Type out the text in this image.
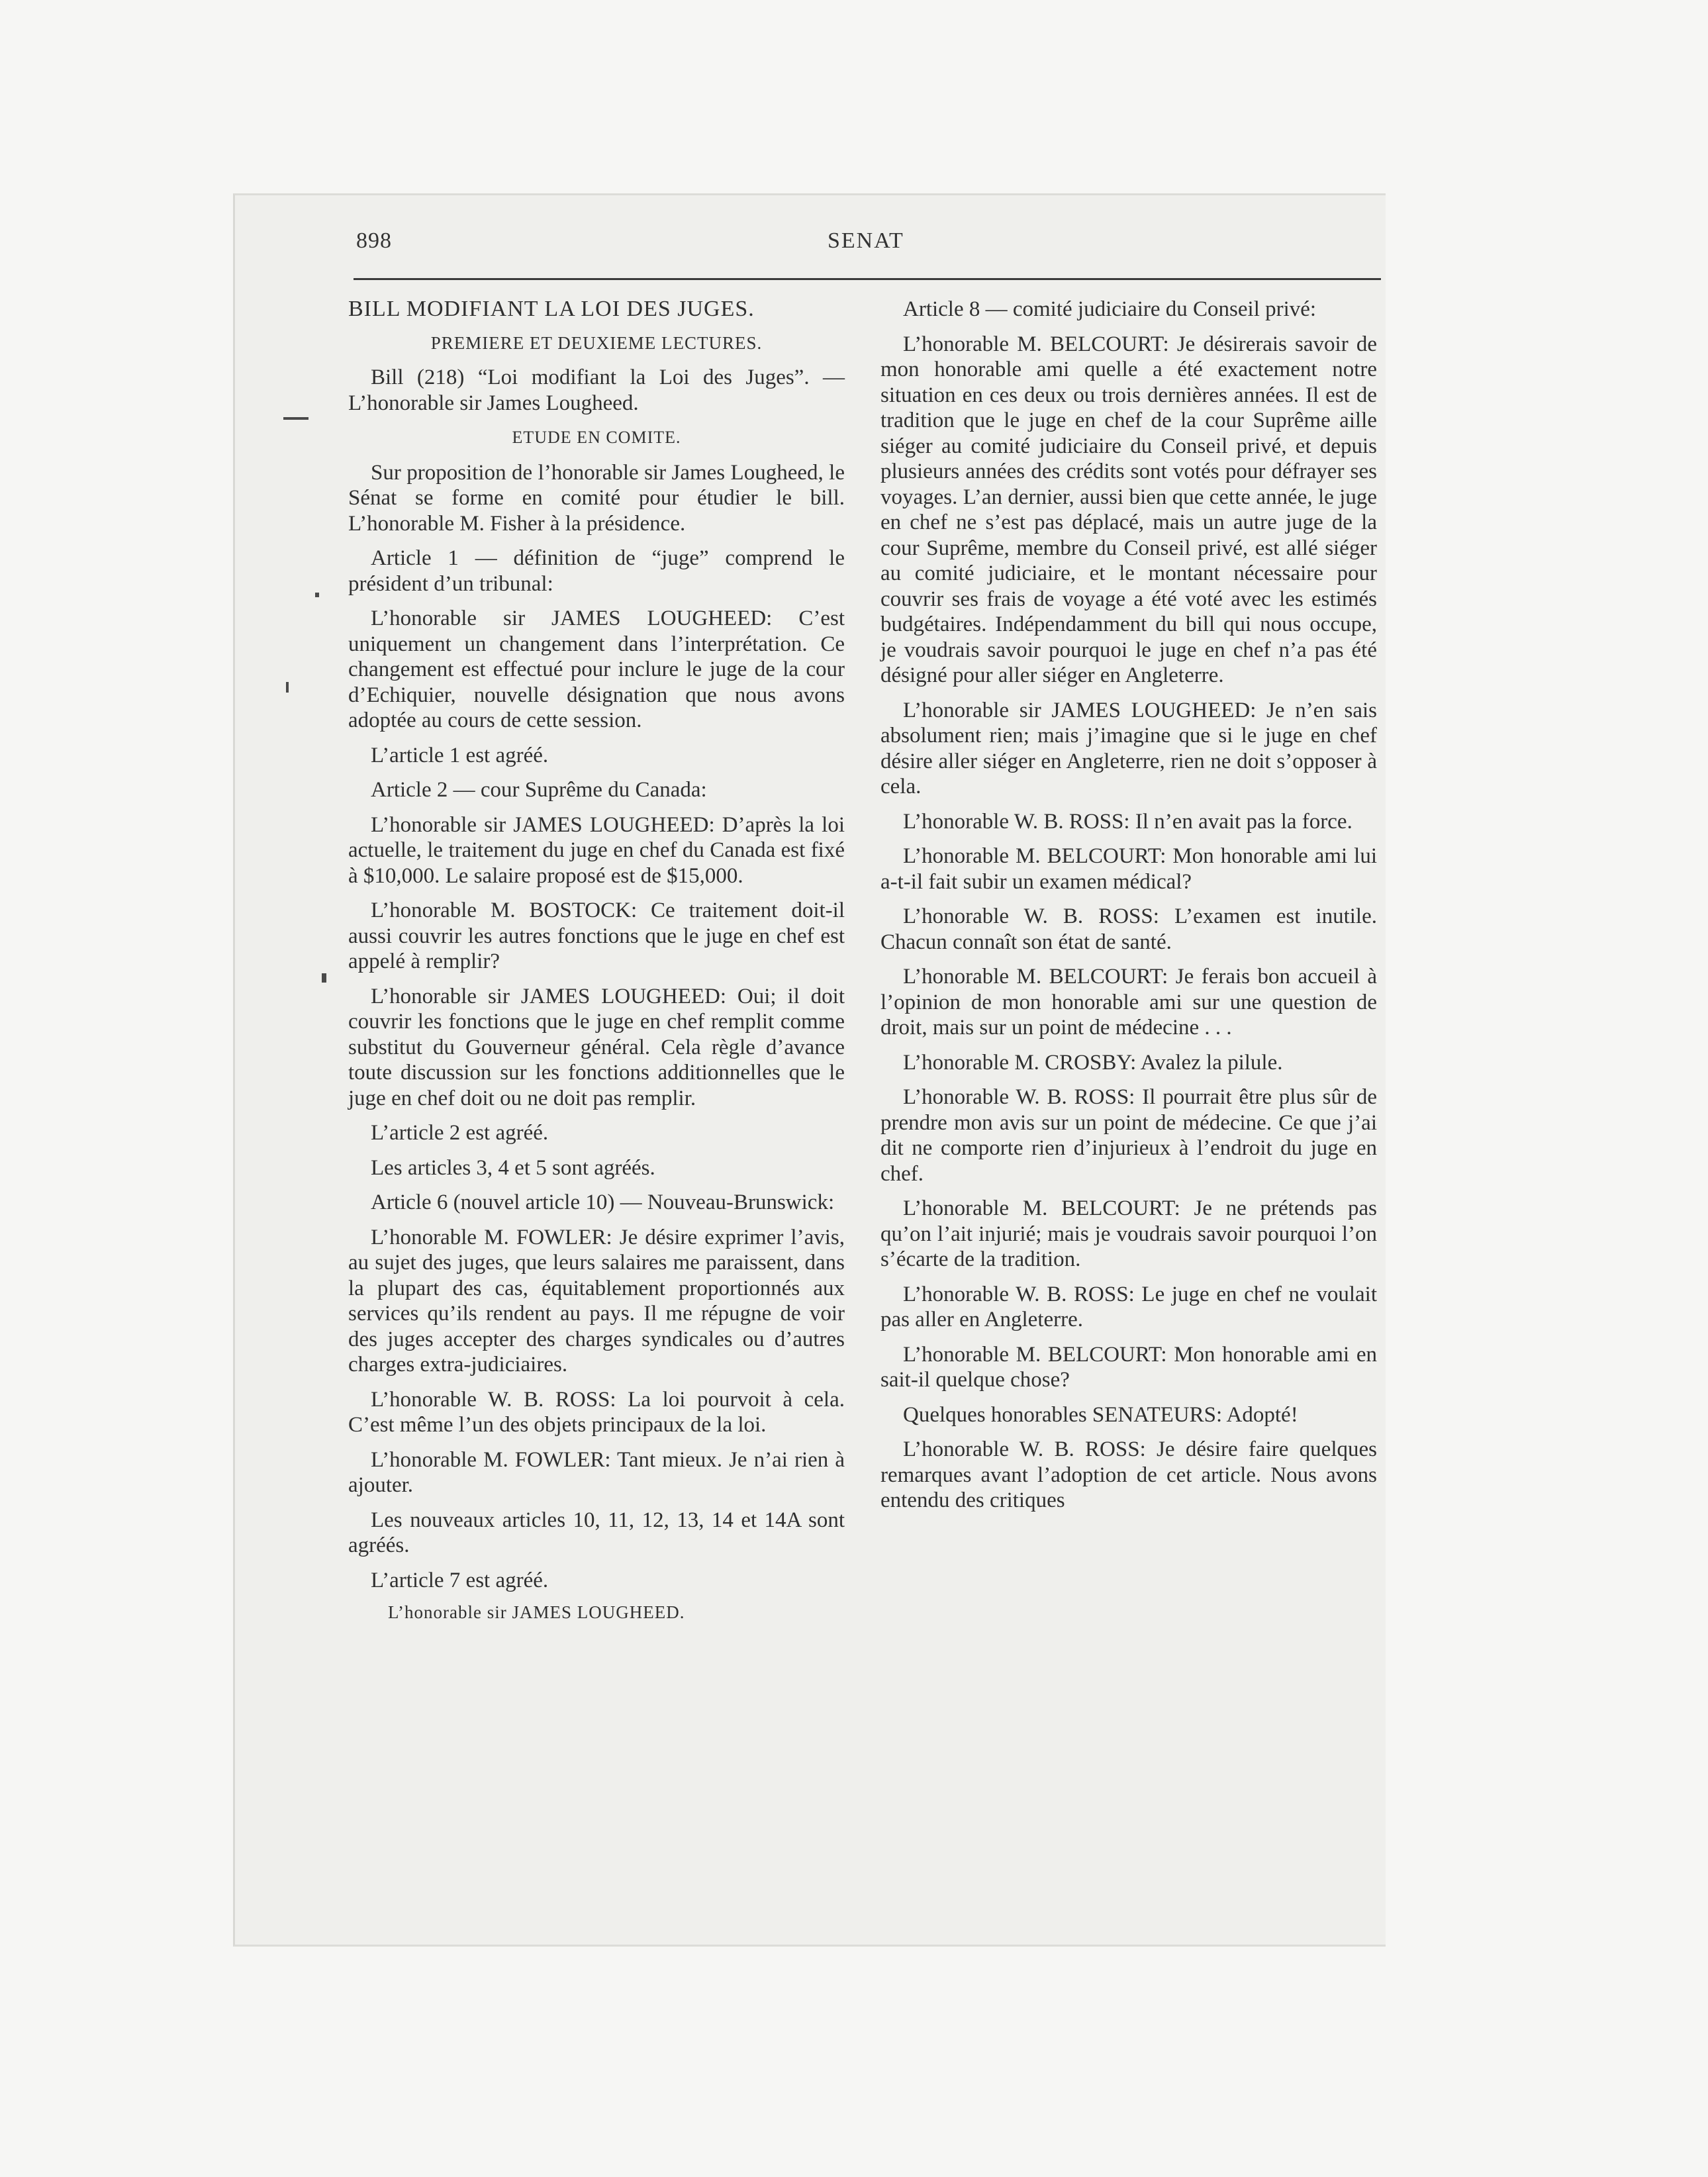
898	SENAT

BILL MODIFIANT LA LOI DES JUGES.

PREMIERE ET DEUXIEME LECTURES.

Bill (218) “Loi modifiant la Loi des Juges”. — L’honorable sir James Lougheed.

ETUDE EN COMITE.

Sur proposition de l’honorable sir James Lougheed, le Sénat se forme en comité pour étudier le bill. L’honorable M. Fisher à la présidence.

Article 1 — définition de “juge” comprend le président d’un tribunal:

L’honorable sir JAMES LOUGHEED: C’est uniquement un changement dans l’interprétation. Ce changement est effectué pour inclure le juge de la cour d’Echiquier, nouvelle désignation que nous avons adoptée au cours de cette session.

L’article 1 est agréé.

Article 2 — cour Suprême du Canada:

L’honorable sir JAMES LOUGHEED: D’après la loi actuelle, le traitement du juge en chef du Canada est fixé à $10,000. Le salaire proposé est de $15,000.

L’honorable M. BOSTOCK: Ce traitement doit-il aussi couvrir les autres fonctions que le juge en chef est appelé à remplir?

L’honorable sir JAMES LOUGHEED: Oui; il doit couvrir les fonctions que le juge en chef remplit comme substitut du Gouverneur général. Cela règle d’avance toute discussion sur les fonctions additionnelles que le juge en chef doit ou ne doit pas remplir.

L’article 2 est agréé.

Les articles 3, 4 et 5 sont agréés.

Article 6 (nouvel article 10) — Nouveau-Brunswick:

L’honorable M. FOWLER: Je désire exprimer l’avis, au sujet des juges, que leurs salaires me paraissent, dans la plupart des cas, équitablement proportionnés aux services qu’ils rendent au pays. Il me répugne de voir des juges accepter des charges syndicales ou d’autres charges extra-judiciaires.

L’honorable W. B. ROSS: La loi pourvoit à cela. C’est même l’un des objets principaux de la loi.

L’honorable M. FOWLER: Tant mieux. Je n’ai rien à ajouter.

Les nouveaux articles 10, 11, 12, 13, 14 et 14A sont agréés.

L’article 7 est agréé.

L’honorable sir JAMES LOUGHEED.

Article 8 — comité judiciaire du Conseil privé:

L’honorable M. BELCOURT: Je désirerais savoir de mon honorable ami quelle a été exactement notre situation en ces deux ou trois dernières années. Il est de tradition que le juge en chef de la cour Suprême aille siéger au comité judiciaire du Conseil privé, et depuis plusieurs années des crédits sont votés pour défrayer ses voyages. L’an dernier, aussi bien que cette année, le juge en chef ne s’est pas déplacé, mais un autre juge de la cour Suprême, membre du Conseil privé, est allé siéger au comité judiciaire, et le montant nécessaire pour couvrir ses frais de voyage a été voté avec les estimés budgétaires. Indépendamment du bill qui nous occupe, je voudrais savoir pourquoi le juge en chef n’a pas été désigné pour aller siéger en Angleterre.

L’honorable sir JAMES LOUGHEED: Je n’en sais absolument rien; mais j’imagine que si le juge en chef désire aller siéger en Angleterre, rien ne doit s’opposer à cela.

L’honorable W. B. ROSS: Il n’en avait pas la force.

L’honorable M. BELCOURT: Mon honorable ami lui a-t-il fait subir un examen médical?

L’honorable W. B. ROSS: L’examen est inutile. Chacun connaît son état de santé.

L’honorable M. BELCOURT: Je ferais bon accueil à l’opinion de mon honorable ami sur une question de droit, mais sur un point de médecine . . .

L’honorable M. CROSBY: Avalez la pilule.

L’honorable W. B. ROSS: Il pourrait être plus sûr de prendre mon avis sur un point de médecine. Ce que j’ai dit ne comporte rien d’injurieux à l’endroit du juge en chef.

L’honorable M. BELCOURT: Je ne prétends pas qu’on l’ait injurié; mais je voudrais savoir pourquoi l’on s’écarte de la tradition.

L’honorable W. B. ROSS: Le juge en chef ne voulait pas aller en Angleterre.

L’honorable M. BELCOURT: Mon honorable ami en sait-il quelque chose?

Quelques honorables SENATEURS: Adopté!

L’honorable W. B. ROSS: Je désire faire quelques remarques avant l’adoption de cet article. Nous avons entendu des critiques
